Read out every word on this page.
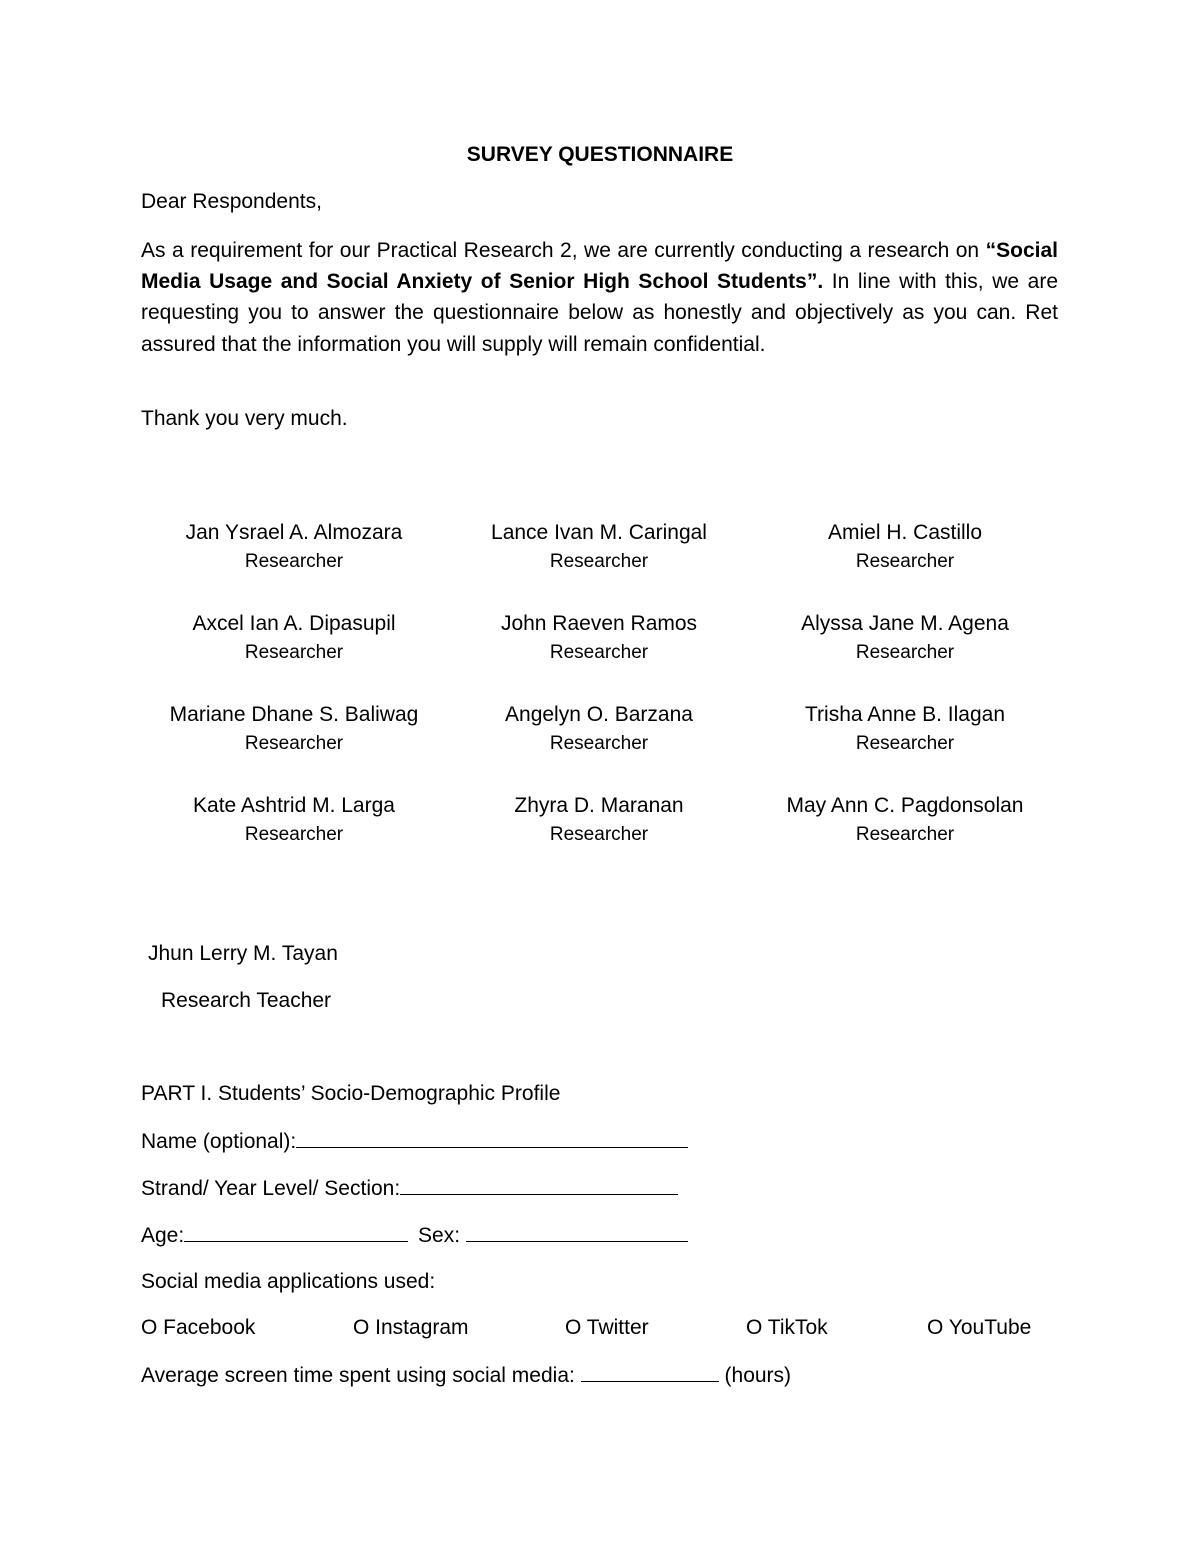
SURVEY QUESTIONNAIRE
Dear Respondents,

As a requirement for our Practical Research 2, we are currently conducting a research on “Social Media Usage and Social Anxiety of Senior High School Students”. In line with this, we are requesting you to answer the questionnaire below as honestly and objectively as you can. Ret assured that the information you will supply will remain confidential.

Thank you very much.
Jan Ysrael A. Almozara
Researcher
Lance Ivan M. Caringal
Researcher
Amiel H. Castillo
Researcher
Axcel Ian A. Dipasupil
Researcher
John Raeven Ramos
Researcher
Alyssa Jane M. Agena
Researcher
Mariane Dhane S. Baliwag
Researcher
Angelyn O. Barzana
Researcher
Trisha Anne B. Ilagan
Researcher
Kate Ashtrid M. Larga
Researcher
Zhyra D. Maranan
Researcher
May Ann C. Pagdonsolan
Researcher
Jhun Lerry M. Tayan
Research Teacher
PART I. Students’ Socio-Demographic Profile
Name (optional):
Strand/ Year Level/ Section:
Age:	Sex:
Social media applications used:
O Facebook	O Instagram	O Twitter	O TikTok	O YouTube
Average screen time spent using social media:	(hours)
